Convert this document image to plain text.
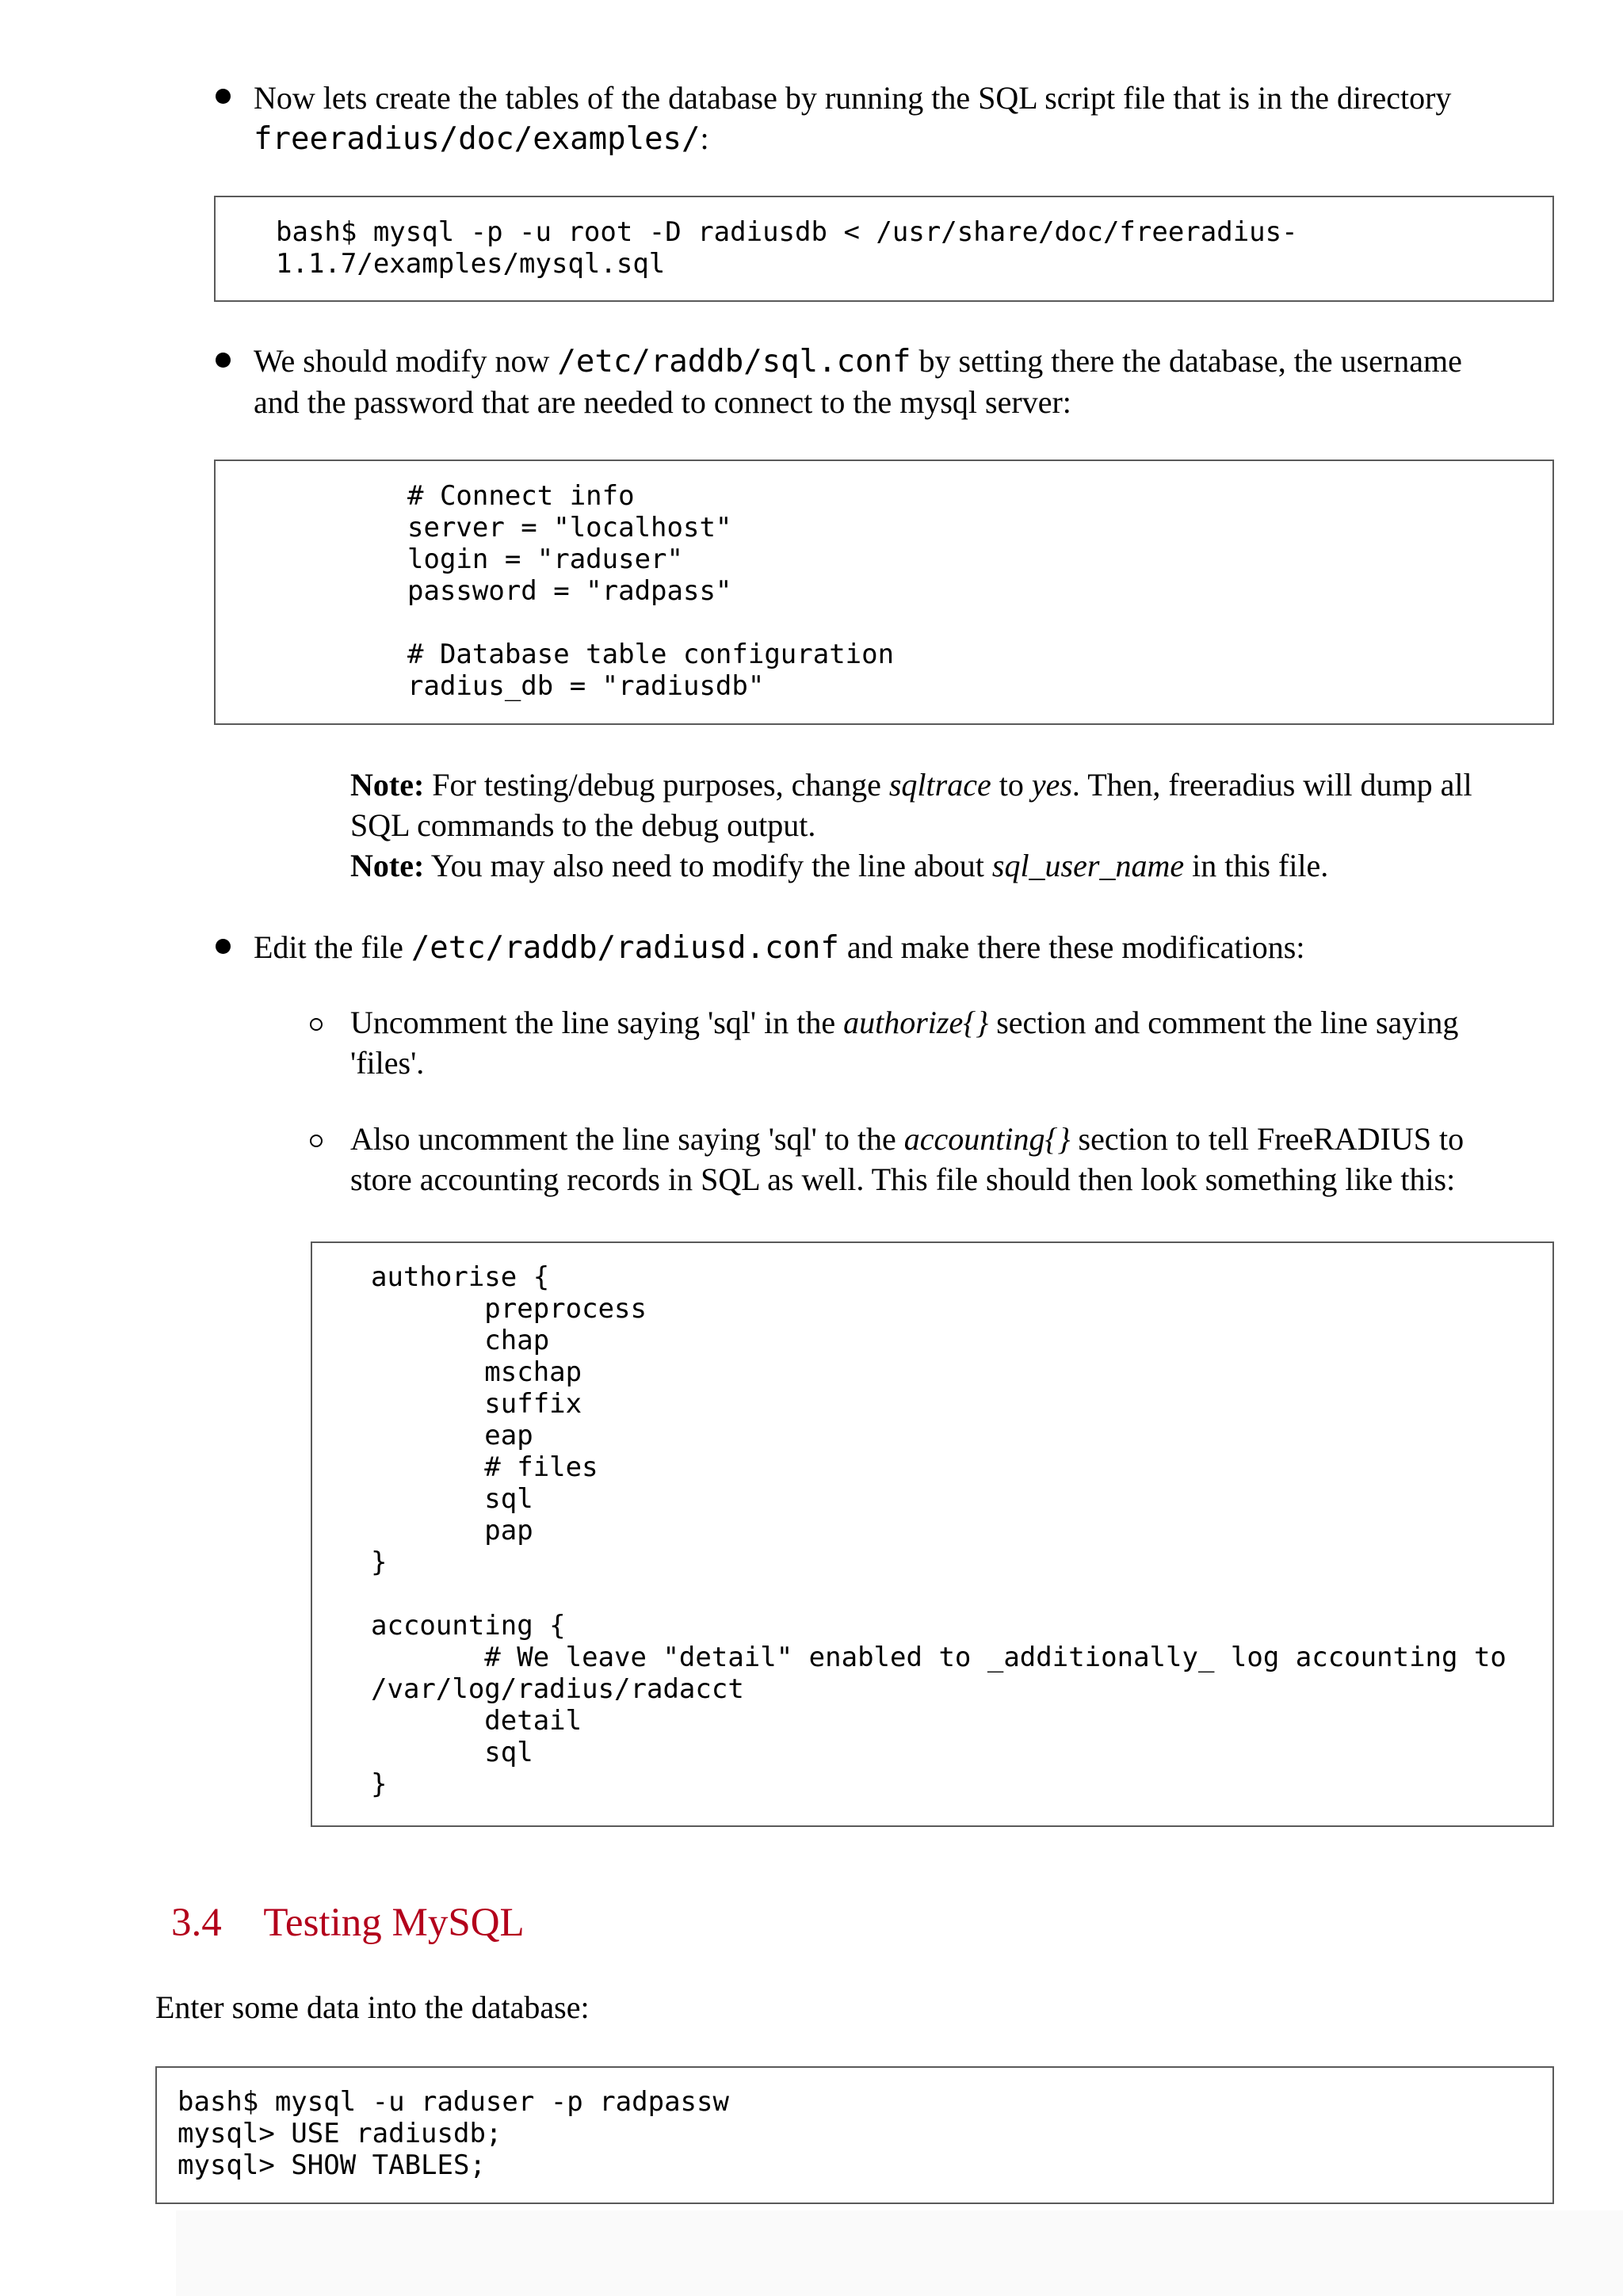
Now lets create the tables of the database by running the SQL script file that is in the directory
freeradius/doc/examples/:
bash$ mysql -p -u root -D radiusdb < /usr/share/doc/freeradius-
1.1.7/examples/mysql.sql
We should modify now /etc/raddb/sql.conf by setting there the database, the username
and the password that are needed to connect to the mysql server:
# Connect info
server = "localhost"
login = "raduser"
password = "radpass"

# Database table configuration
radius_db = "radiusdb"
Note: For testing/debug purposes, change sqltrace to yes. Then, freeradius will dump all
SQL commands to the debug output.
Note: You may also need to modify the line about sql_user_name in this file.
Edit the file /etc/raddb/radiusd.conf and make there these modifications:
Uncomment the line saying 'sql' in the authorize{} section and comment the line saying
'files'.
Also uncomment the line saying 'sql' to the accounting{} section to tell FreeRADIUS to
store accounting records in SQL as well. This file should then look something like this:
authorise {
preprocess
chap
mschap
suffix
eap
# files
sql
pap
}

accounting {
# We leave "detail" enabled to _additionally_ log accounting to
/var/log/radius/radacct
detail
sql
}
3.4 Testing MySQL
Enter some data into the database:
bash$ mysql -u raduser -p radpassw
mysql> USE radiusdb;
mysql> SHOW TABLES;
